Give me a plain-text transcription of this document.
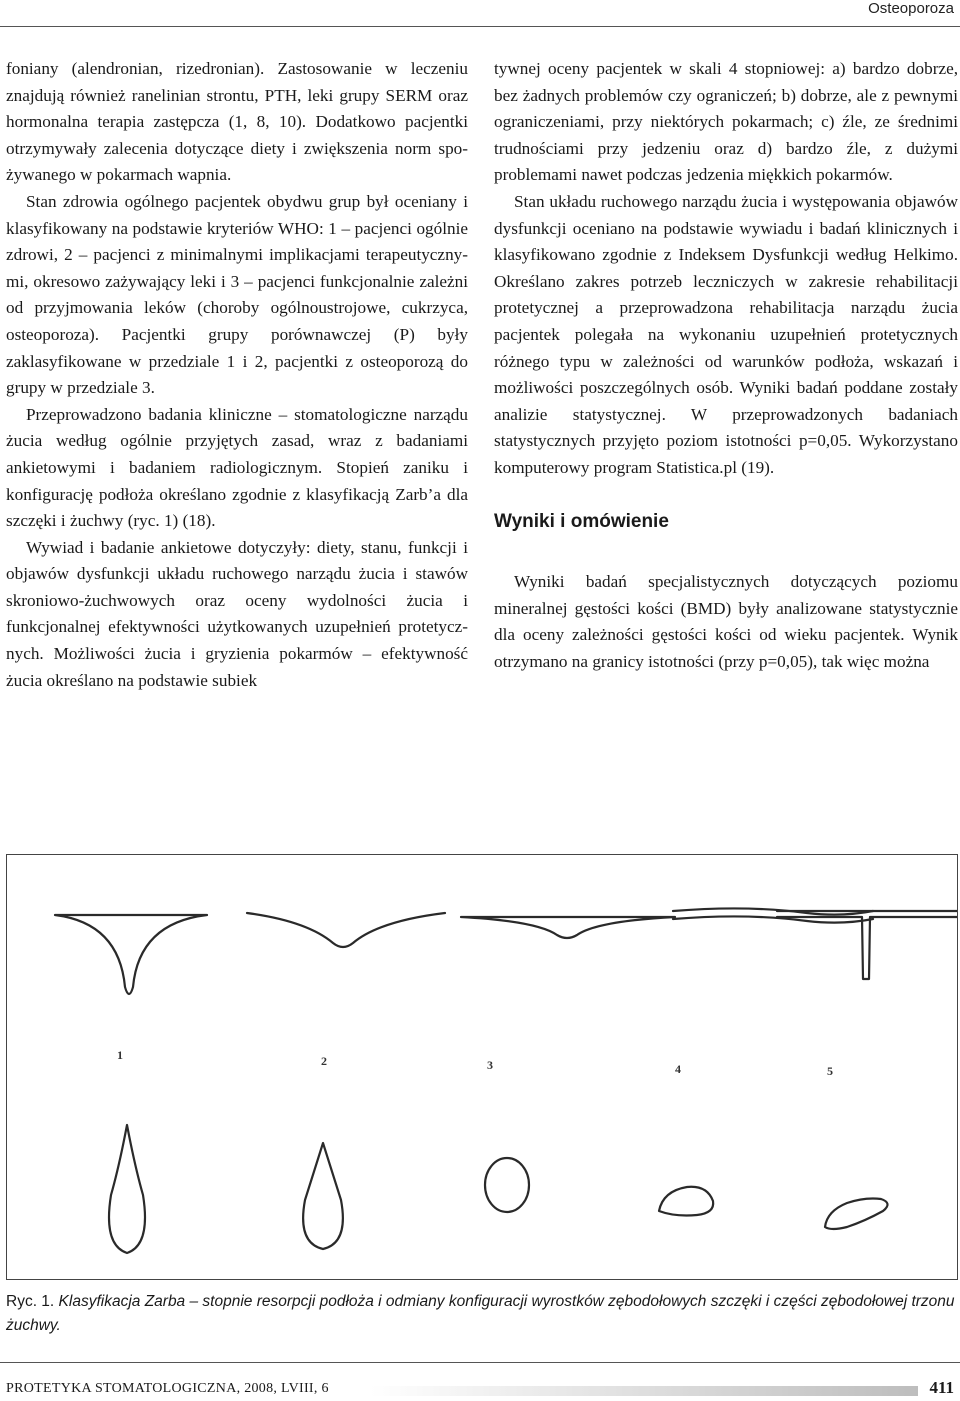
Osteoporoza

foniany (alendronian, rizedronian). Zastosowanie w leczeniu znajdują również ranelinian strontu, PTH, leki grupy SERM oraz hormonalna terapia zastępcza (1, 8, 10). Dodatkowo pacjentki otrzymywały zalecenia dotyczące diety i zwiększenia norm spożywanego w pokarmach wapnia.

Stan zdrowia ogólnego pacjentek obydwu grup był oceniany i klasyfikowany na podstawie kryteriów WHO: 1 – pacjenci ogólnie zdrowi, 2 – pacjenci z minimalnymi implikacjami terapeutycznymi, okresowo zażywający leki i 3 – pacjenci funkcjonalnie zależni od przyjmowania leków (choroby ogólnoustrojowe, cukrzyca, osteoporoza). Pacjentki grupy porównawczej (P) były zaklasyfikowane w przedziale 1 i 2, pacjentki z osteoporozą do grupy w przedziale 3.

Przeprowadzono badania kliniczne – stomatologiczne narządu żucia według ogólnie przyjętych zasad, wraz z badaniami ankietowymi i badaniem radiologicznym. Stopień zaniku i konfigurację podłoża określano zgodnie z klasyfikacją Zarb’a dla szczęki i żuchwy (ryc. 1) (18).

Wywiad i badanie ankietowe dotyczyły: diety, stanu, funkcji i objawów dysfunkcji układu ruchowego narządu żucia i stawów skroniowo-żuchwowych oraz oceny wydolności żucia i funkcjonalnej efektywności użytkowanych uzupełnień protetycznych. Możliwości żucia i gryzienia pokarmów – efektywność żucia określano na podstawie subiek

tywnej oceny pacjentek w skali 4 stopniowej: a) bardzo dobrze, bez żadnych problemów czy ograniczeń; b) dobrze, ale z pewnymi ograniczeniami, przy niektórych pokarmach; c) źle, ze średnimi trudnościami przy jedzeniu oraz d) bardzo źle, z dużymi problemami nawet podczas jedzenia miękkich pokarmów.

Stan układu ruchowego narządu żucia i występowania objawów dysfunkcji oceniano na podstawie wywiadu i badań klinicznych i klasyfikowano zgodnie z Indeksem Dysfunkcji według Helkimo. Określano zakres potrzeb leczniczych w zakresie rehabilitacji protetycznej a przeprowadzona rehabilitacja narządu żucia pacjentek polegała na wykonaniu uzupełnień protetycznych różnego typu w zależności od warunków podłoża, wskazań i możliwości poszczególnych osób. Wyniki badań poddane zostały analizie statystycznej. W przeprowadzonych badaniach statystycznych przyjęto poziom istotności p=0,05. Wykorzystano komputerowy program Statistica.pl (19).

Wyniki i omówienie

Wyniki badań specjalistycznych dotyczących poziomu mineralnej gęstości kości (BMD) były analizowane statystycznie dla oceny zależności gęstości kości od wieku pacjentek. Wynik otrzymano na granicy istotności (przy p=0,05), tak więc można

1	2	3	4	5
Ryc. 1. Klasyfikacja Zarba – stopnie resorpcji podłoża i odmiany konfiguracji wyrostków zębodołowych szczęki i części zębodołowej trzonu żuchwy.
PROTETYKA STOMATOLOGICZNA, 2008, LVIII, 6	411
